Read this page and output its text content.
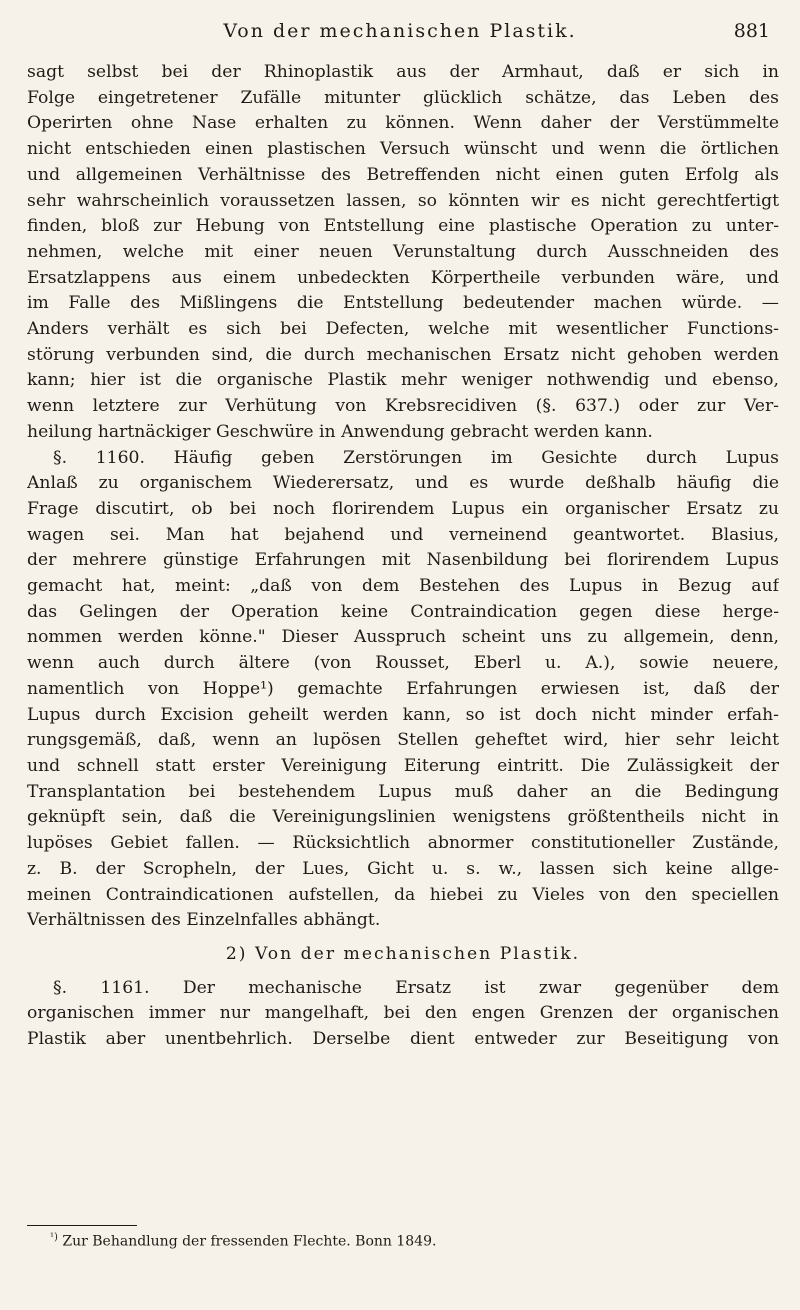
Von der mechanischen Plastik.	881
sagt selbst bei der Rhinoplastik aus der Armhaut, daß er sich in
Folge eingetretener Zufälle mitunter glücklich schätze, das Leben des
Operirten ohne Nase erhalten zu können. Wenn daher der Verstümmelte
nicht entschieden einen plastischen Versuch wünscht und wenn die örtlichen
und allgemeinen Verhältnisse des Betreffenden nicht einen guten Erfolg als
sehr wahrscheinlich voraussetzen lassen, so könnten wir es nicht gerechtfertigt
finden, bloß zur Hebung von Entstellung eine plastische Operation zu unter-
nehmen, welche mit einer neuen Verunstaltung durch Ausschneiden des
Ersatzlappens aus einem unbedeckten Körpertheile verbunden wäre, und
im Falle des Mißlingens die Entstellung bedeutender machen würde. —
Anders verhält es sich bei Defecten, welche mit wesentlicher Functions-
störung verbunden sind, die durch mechanischen Ersatz nicht gehoben werden
kann; hier ist die organische Plastik mehr weniger nothwendig und ebenso,
wenn letztere zur Verhütung von Krebsrecidiven (§. 637.) oder zur Ver-
heilung hartnäckiger Geschwüre in Anwendung gebracht werden kann.
§. 1160. Häufig geben Zerstörungen im Gesichte durch Lupus
Anlaß zu organischem Wiederersatz, und es wurde deßhalb häufig die
Frage discutirt, ob bei noch florirendem Lupus ein organischer Ersatz zu
wagen sei. Man hat bejahend und verneinend geantwortet. Blasius,
der mehrere günstige Erfahrungen mit Nasenbildung bei florirendem Lupus
gemacht hat, meint: „daß von dem Bestehen des Lupus in Bezug auf
das Gelingen der Operation keine Contraindication gegen diese herge-
nommen werden könne." Dieser Ausspruch scheint uns zu allgemein, denn,
wenn auch durch ältere (von Rousset, Eberl u. A.), sowie neuere,
namentlich von Hoppe¹) gemachte Erfahrungen erwiesen ist, daß der
Lupus durch Excision geheilt werden kann, so ist doch nicht minder erfah-
rungsgemäß, daß, wenn an lupösen Stellen geheftet wird, hier sehr leicht
und schnell statt erster Vereinigung Eiterung eintritt. Die Zulässigkeit der
Transplantation bei bestehendem Lupus muß daher an die Bedingung
geknüpft sein, daß die Vereinigungslinien wenigstens größtentheils nicht in
lupöses Gebiet fallen. — Rücksichtlich abnormer constitutioneller Zustände,
z. B. der Scropheln, der Lues, Gicht u. s. w., lassen sich keine allge-
meinen Contraindicationen aufstellen, da hiebei zu Vieles von den speciellen
Verhältnissen des Einzelnfalles abhängt.
2) Von der mechanischen Plastik.
§. 1161. Der mechanische Ersatz ist zwar gegenüber dem
organischen immer nur mangelhaft, bei den engen Grenzen der organischen
Plastik aber unentbehrlich. Derselbe dient entweder zur Beseitigung von
$^{^1)}$ Zur Behandlung der fressenden Flechte. Bonn 1849.
